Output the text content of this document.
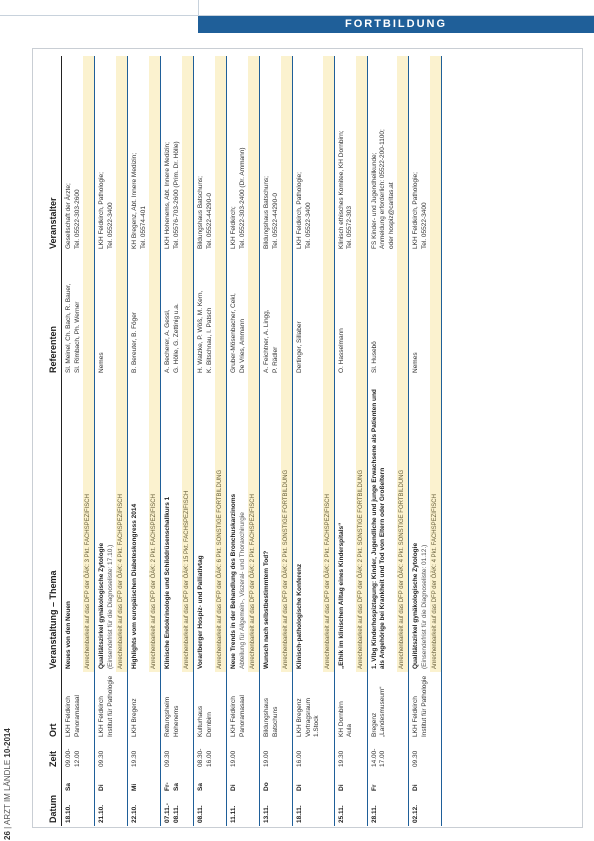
FORTBILDUNG
26 | ARZT IM LÄNDLE 10-2014
Datum		Zeit	Ort	Veranstaltung – Thema	Referenten	Veranstalter

18.10.	Sa	09.00-12.00	LKH Feldkirch Panoramasaal	Neues von den Neuen	Sl. Meinel, Ch. Bach, R. Bauer, Sl. Rimbach, Ph. Werner	Gesellschaft der Ärzte; Tel. 05522-303-2600

				Anrechenbarkeit auf das DFP der ÖÄK: 3 Pkt. FACHSPEZIFISCH		

21.10.	Di	09.30	LKH Feldkirch Institut für Pathologie	Qualitätszirkel gynäkologische Zytologie (Einsendefrist für die Diagnoseliste: 17.10.)	Nemes	LKH Feldkirch, Pathologie; Tel. 05522-3400

				Anrechenbarkeit auf das DFP der ÖÄK: 4 Pkt. FACHSPEZIFISCH		

22.10.	Mi	19.30	LKH Bregenz	Highlights vom europäischen Diabeteskongress 2014	B. Bereuter, B. Föger	KH Bregenz, Abt. Innere Medizin; Tel. 05574-401

				Anrechenbarkeit auf das DFP der ÖÄK: 2 Pkt. FACHSPEZIFISCH		

07.11.- 08.11.	Fr- Sa	09.30	Rettungsheim Hohenems	Klinische Endokrinologie und Schilddrüsenschallkurs 1	A. Becherer, A. Gessl, G. Hölle, G. Zettinig u.a.	LKH Hohenems, Abt. Innere Medizin; Tel. 05576-703-2600 (Prim. Dr. Hölle)

				Anrechenbarkeit auf das DFP der ÖÄK: 15 Pkt. FACHSPEZIFISCH		

08.11.	Sa	08.30-16.00	Kulturhaus Dornbirn	Vorarlberger Hospiz- und Palliativtag	H. Watzke, P. Wöß, M. Kern, K. Bitschnau, I. Patsch	Bildungshaus Batschuns; Tel. 05522-44290-0

				Anrechenbarkeit auf das DFP der ÖÄK: 6 Pkt. SONSTIGE FORTBILDUNG		

11.11.	Di	19.00	LKH Feldkirch Panoramasaal	Neue Trends in der Behandlung des Bronchuskarzinoms Abteilung für Allgemein-, Viszeral- und Thoraxchirurgie	Gruber-Mösenbacher, Cekl, De Vries, Ammann	LKH Feldkirch; Tel. 05522-303-2400 (Dr. Ammann)

				Anrechenbarkeit auf das DFP der ÖÄK: 2 Pkt. FACHSPEZIFISCH		

13.11.	Do	19.00	Bildungshaus Batschuns	Wunsch nach selbstbestimmtem Tod?	A. Feichtner, A. Lingg, P. Rädler	Bildungshaus Batschuns; Tel. 05522-44290-0

				Anrechenbarkeit auf das DFP der ÖÄK: 2 Pkt. SONSTIGE FORTBILDUNG		

18.11.	Di	16.00	LKH Bregenz Vortragsraum 1.Stock	Klinisch-pathologische Konferenz	Dertinger, Sillaber	LKH Feldkirch, Pathologie; Tel. 05522-3400

				Anrechenbarkeit auf das DFP der ÖÄK: 2 Pkt. FACHSPEZIFISCH		

25.11.	Di	19.30	KH Dornbirn Aula	„Ethik im klinischen Alltag eines Kinderspitals“	O. Hasselmann	Klinisch ethisches Komitee, KH Dornbirn; Tel. 05572-303

				Anrechenbarkeit auf das DFP der ÖÄK: 2 Pkt. SONSTIGE FORTBILDUNG		

28.11.	Fr	14.00-17.00	Bregenz „Landesmuseum“	1. Vlbg Kinderhospiztagung: Kinder, Jugendliche und junge Erwachsene als Patienten und als Angehörige bei Krankheit und Tod von Eltern oder Großeltern	Sl. Husebö	FS Kinder- und Jugendheilkunde; Anmeldung erforderlich: 05522-200-1100; oder hospiz@caritas.at

				Anrechenbarkeit auf das DFP der ÖÄK: 4 Pkt. SONSTIGE FORTBILDUNG		

02.12.	Di	09.30	LKH Feldkirch Institut für Pathologie	Qualitätszirkel gynäkologische Zytologie (Einsendefrist für die Diagnoseliste: 01.12.)	Nemes	LKH Feldkirch, Pathologie; Tel. 05522-3400

				Anrechenbarkeit auf das DFP der ÖÄK: 4 Pkt. FACHSPEZIFISCH		
